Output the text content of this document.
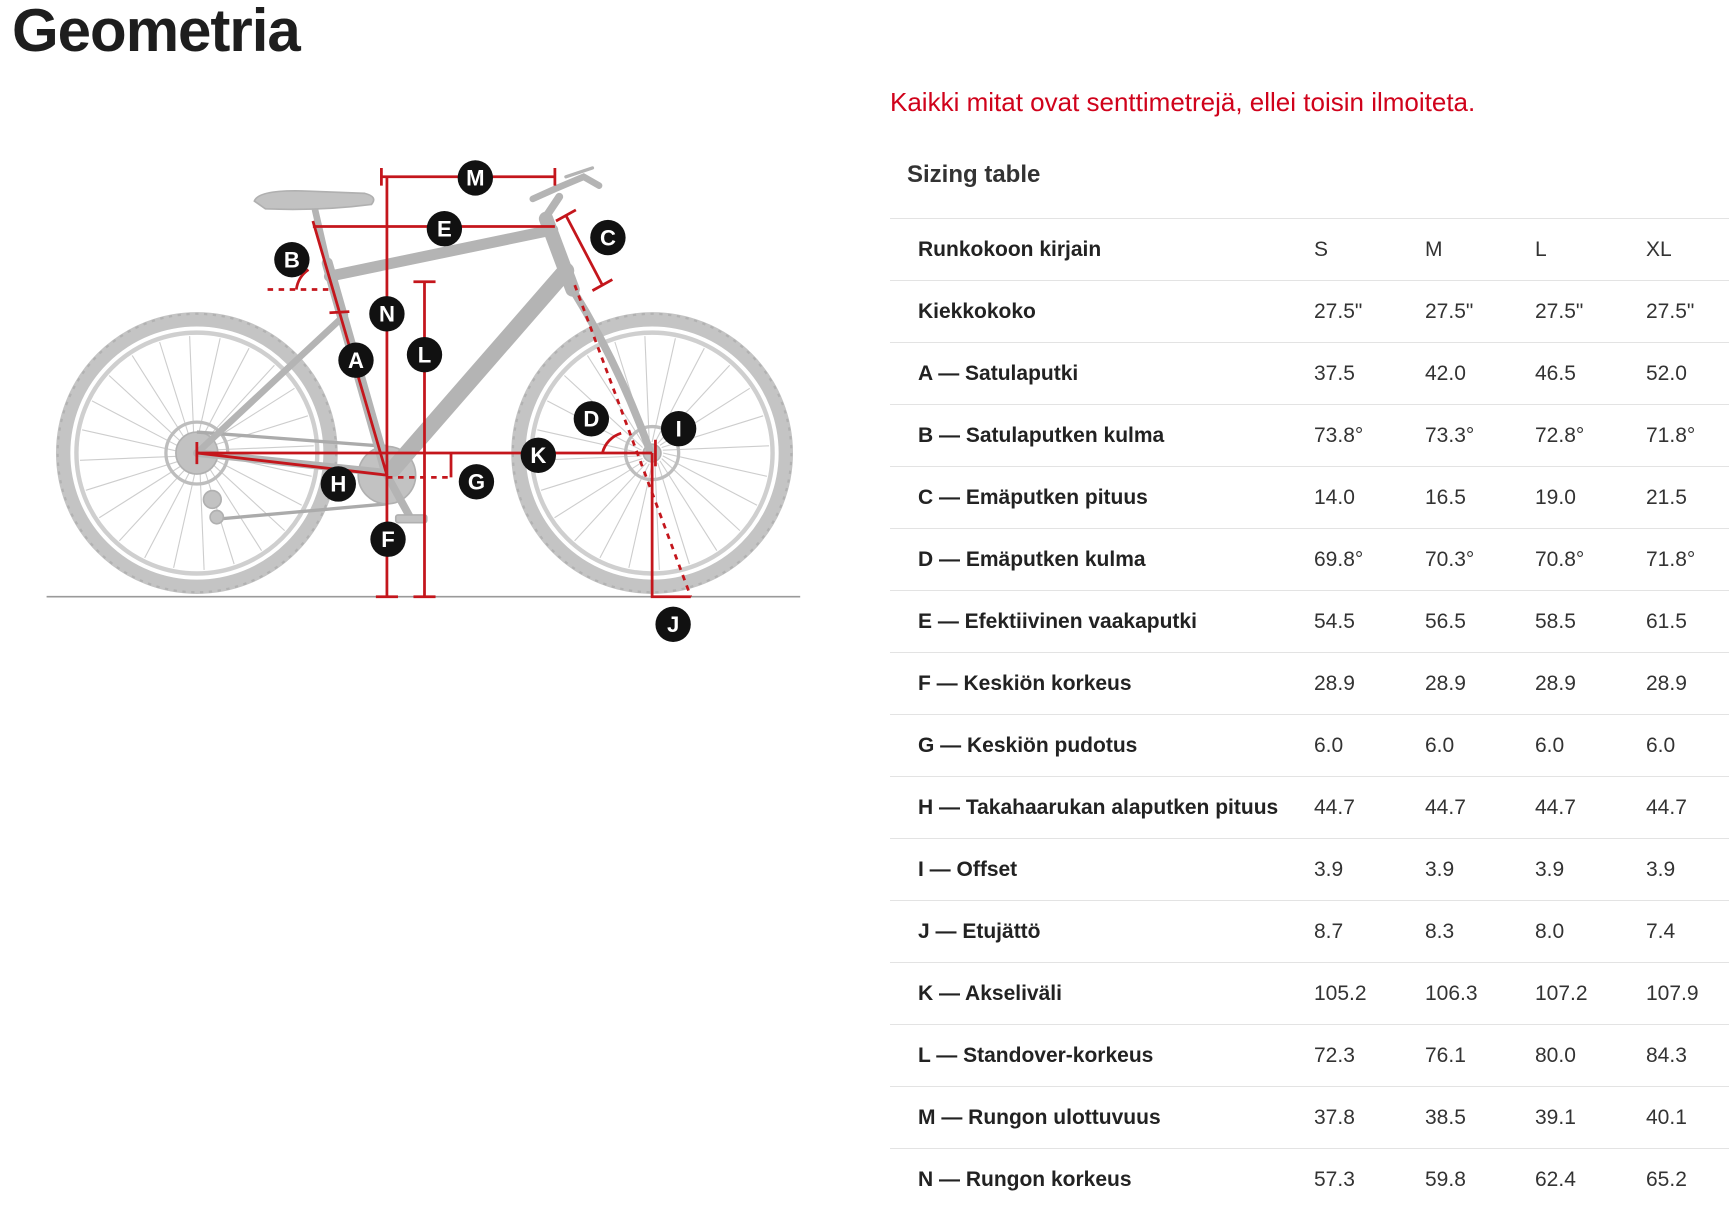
Geometria
M
E	C
B
N
L
A
D	I
K
H	G
F
J
Kaikki mitat ovat senttimetrejä, ellei toisin ilmoiteta.
Sizing table
Runkokoon kirjain	S	M	L	XL
Kiekkokoko	27.5"	27.5"	27.5"	27.5"
A — Satulaputki	37.5	42.0	46.5	52.0
B — Satulaputken kulma	73.8°	73.3°	72.8°	71.8°
C — Emäputken pituus	14.0	16.5	19.0	21.5
D — Emäputken kulma	69.8°	70.3°	70.8°	71.8°
E — Efektiivinen vaakaputki	54.5	56.5	58.5	61.5
F — Keskiön korkeus	28.9	28.9	28.9	28.9
G — Keskiön pudotus	6.0	6.0	6.0	6.0
H — Takahaarukan alaputken pituus	44.7	44.7	44.7	44.7
I — Offset	3.9	3.9	3.9	3.9
J — Etujättö	8.7	8.3	8.0	7.4
K — Akseliväli	105.2	106.3	107.2	107.9
L — Standover-korkeus	72.3	76.1	80.0	84.3
M — Rungon ulottuvuus	37.8	38.5	39.1	40.1
N — Rungon korkeus	57.3	59.8	62.4	65.2
